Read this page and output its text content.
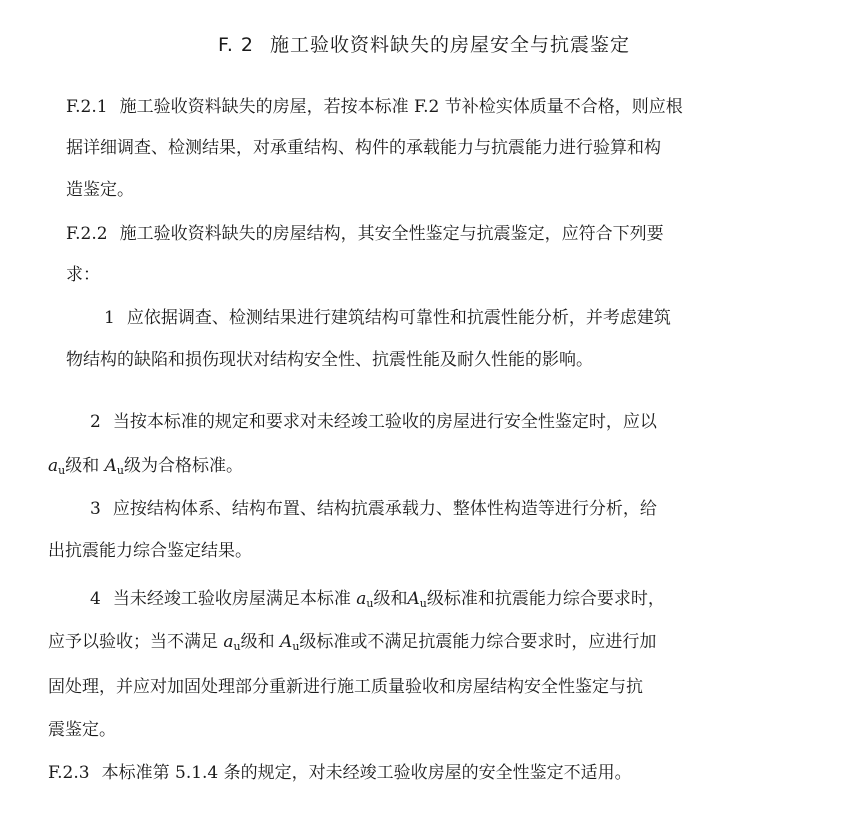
F. 2 施工验收资料缺失的房屋安全与抗震鉴定
F.2.1 施工验收资料缺失的房屋，若按本标准 F.2 节补检实体质量不合格，则应根
据详细调查、检测结果，对承重结构、构件的承载能力与抗震能力进行验算和构
造鉴定。
F.2.2 施工验收资料缺失的房屋结构，其安全性鉴定与抗震鉴定，应符合下列要
求：
1 应依据调查、检测结果进行建筑结构可靠性和抗震性能分析，并考虑建筑
物结构的缺陷和损伤现状对结构安全性、抗震性能及耐久性能的影响。
2 当按本标准的规定和要求对未经竣工验收的房屋进行安全性鉴定时，应以
$a_u$级和 $A_u$级为合格标准。
3 应按结构体系、结构布置、结构抗震承载力、整体性构造等进行分析，给
出抗震能力综合鉴定结果。
4 当未经竣工验收房屋满足本标准 $a_u$级和$A_u$级标准和抗震能力综合要求时，
应予以验收；当不满足 $a_u$级和 $A_u$级标准或不满足抗震能力综合要求时，应进行加
固处理，并应对加固处理部分重新进行施工质量验收和房屋结构安全性鉴定与抗
震鉴定。
F.2.3 本标准第 5.1.4 条的规定，对未经竣工验收房屋的安全性鉴定不适用。
